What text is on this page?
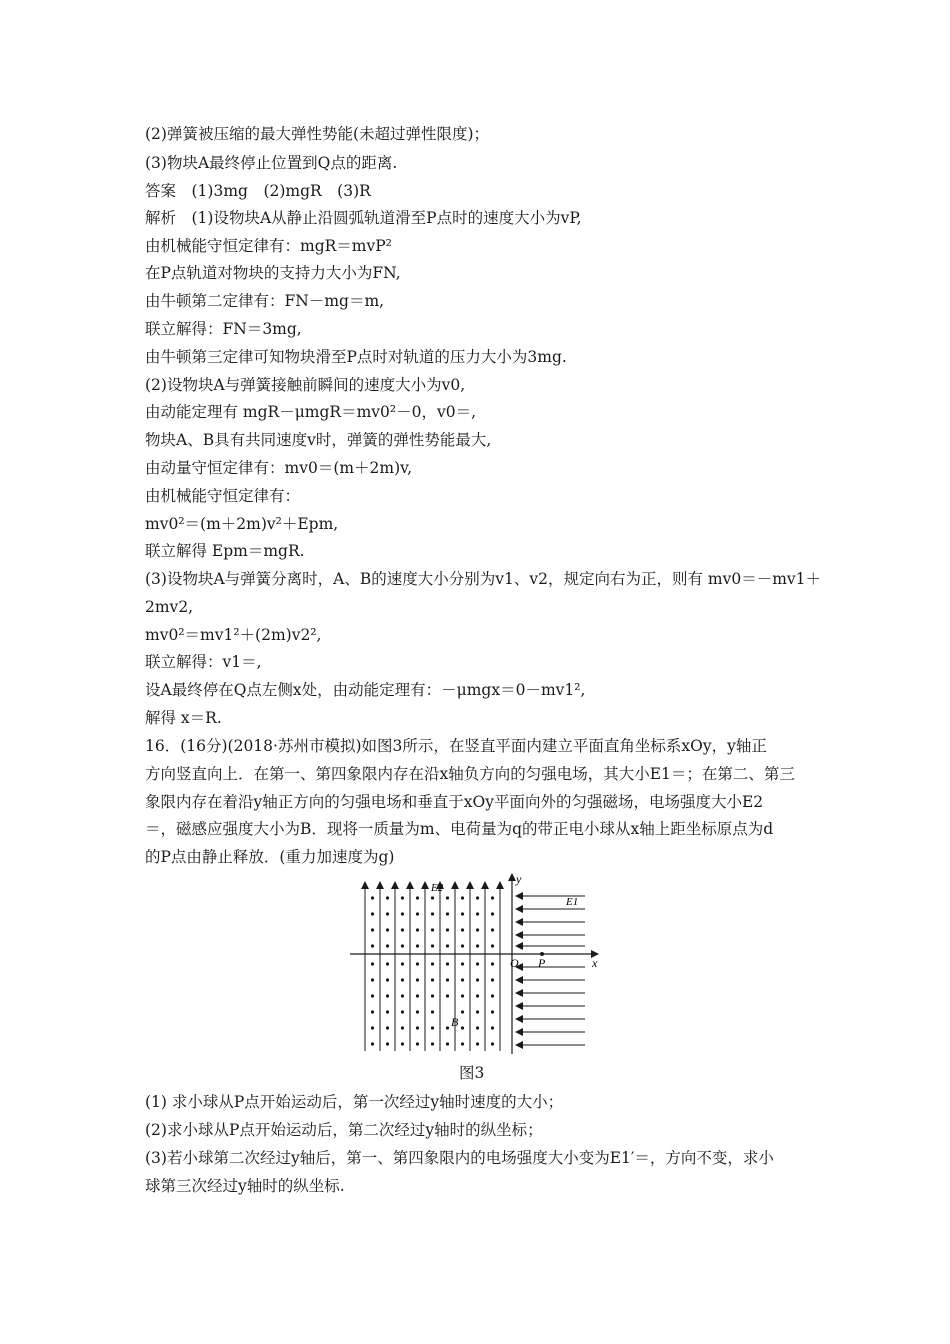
(2)弹簧被压缩的最大弹性势能(未超过弹性限度)；
(3)物块A最终停止位置到Q点的距离.
答案　(1)3mg　(2)mgR　(3)R
解析　(1)设物块A从静止沿圆弧轨道滑至P点时的速度大小为vP,
由机械能守恒定律有：mgR＝mvP²
在P点轨道对物块的支持力大小为FN,
由牛顿第二定律有：FN－mg＝m,
联立解得：FN＝3mg,
由牛顿第三定律可知物块滑至P点时对轨道的压力大小为3mg.
(2)设物块A与弹簧接触前瞬间的速度大小为v0,
由动能定理有 mgR－μmgR＝mv0²－0，v0＝,
物块A、B具有共同速度v时，弹簧的弹性势能最大,
由动量守恒定律有：mv0＝(m＋2m)v,
由机械能守恒定律有：
mv0²＝(m＋2m)v²＋Epm,
联立解得 Epm＝mgR.
(3)设物块A与弹簧分离时，A、B的速度大小分别为v1、v2，规定向右为正，则有 mv0＝－mv1＋
2mv2,
mv0²＝mv1²＋(2m)v2²,
联立解得：v1＝,
设A最终停在Q点左侧x处，由动能定理有：－μmgx＝0－mv1²,
解得 x＝R.
16．(16分)(2018·苏州市模拟)如图3所示，在竖直平面内建立平面直角坐标系xOy，y轴正
方向竖直向上．在第一、第四象限内存在沿x轴负方向的匀强电场，其大小E1＝；在第二、第三
象限内存在着沿y轴正方向的匀强电场和垂直于xOy平面向外的匀强磁场，电场强度大小E2
＝，磁感应强度大小为B．现将一质量为m、电荷量为q的带正电小球从x轴上距坐标原点为d
的P点由静止释放．(重力加速度为g)
E2
E1
y
x
O P
B
图3
(1) 求小球从P点开始运动后，第一次经过y轴时速度的大小；
(2)求小球从P点开始运动后，第二次经过y轴时的纵坐标；
(3)若小球第二次经过y轴后，第一、第四象限内的电场强度大小变为E1′＝，方向不变，求小
球第三次经过y轴时的纵坐标.
